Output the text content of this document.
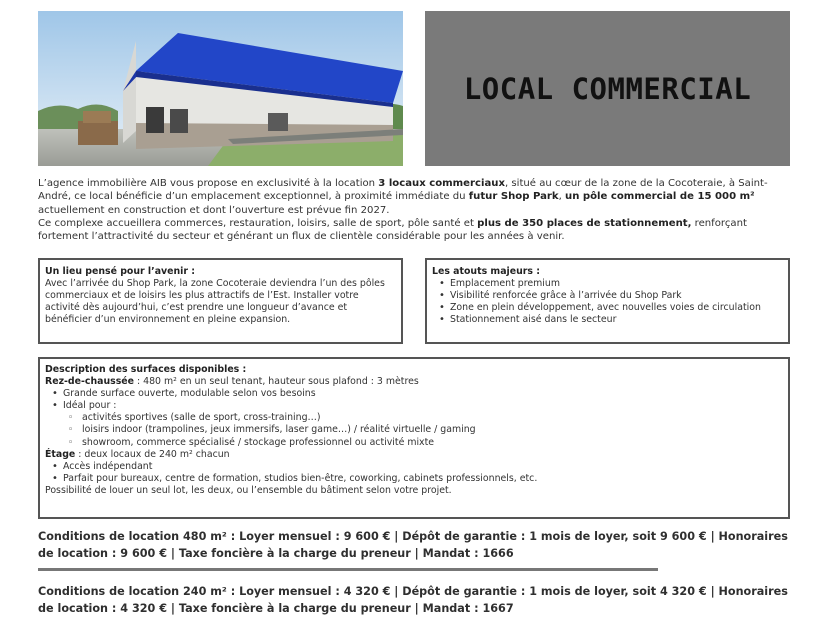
LOCAL COMMERCIAL

L’agence immobilière AIB vous propose en exclusivité à la location 3 locaux commerciaux, situé au cœur de la zone de la Cocoteraie, à Saint-André, ce local bénéficie d’un emplacement exceptionnel, à proximité immédiate du futur Shop Park, un pôle commercial de 15 000 m² actuellement en construction et dont l’ouverture est prévue fin 2027.

Ce complexe accueillera commerces, restauration, loisirs, salle de sport, pôle santé et plus de 350 places de stationnement, renforçant fortement l’attractivité du secteur et générant un flux de clientèle considérable pour les années à venir.

Un lieu pensé pour l’avenir :

Avec l’arrivée du Shop Park, la zone Cocoteraie deviendra l’un des pôles commerciaux et de loisirs les plus attractifs de l’Est. Installer votre activité dès aujourd’hui, c’est prendre une longueur d’avance et bénéficier d’un environnement en pleine expansion.

Les atouts majeurs :
• Emplacement premium
• Visibilité renforcée grâce à l’arrivée du Shop Park
• Zone en plein développement, avec nouvelles voies de circulation
• Stationnement aisé dans le secteur
Description des surfaces disponibles :

Rez-de-chaussée : 480 m² en un seul tenant, hauteur sous plafond : 3 mètres

• Grande surface ouverte, modulable selon vos besoins
• Idéal pour :
◦ activités sportives (salle de sport, cross-training…)
◦ loisirs indoor (trampolines, jeux immersifs, laser game…) / réalité virtuelle / gaming
◦ showroom, commerce spécialisé / stockage professionnel ou activité mixte

Étage : deux locaux de 240 m² chacun

• Accès indépendant
• Parfait pour bureaux, centre de formation, studios bien-être, coworking, cabinets professionnels, etc.

Possibilité de louer un seul lot, les deux, ou l’ensemble du bâtiment selon votre projet.

Conditions de location 480 m² : Loyer mensuel : 9 600 € | Dépôt de garantie : 1 mois de loyer, soit 9 600 € | Honoraires de location : 9 600 € | Taxe foncière à la charge du preneur | Mandat : 1666
Conditions de location 240 m² : Loyer mensuel : 4 320 € | Dépôt de garantie : 1 mois de loyer, soit 4 320 € | Honoraires de location : 4 320 € | Taxe foncière à la charge du preneur | Mandat : 1667
